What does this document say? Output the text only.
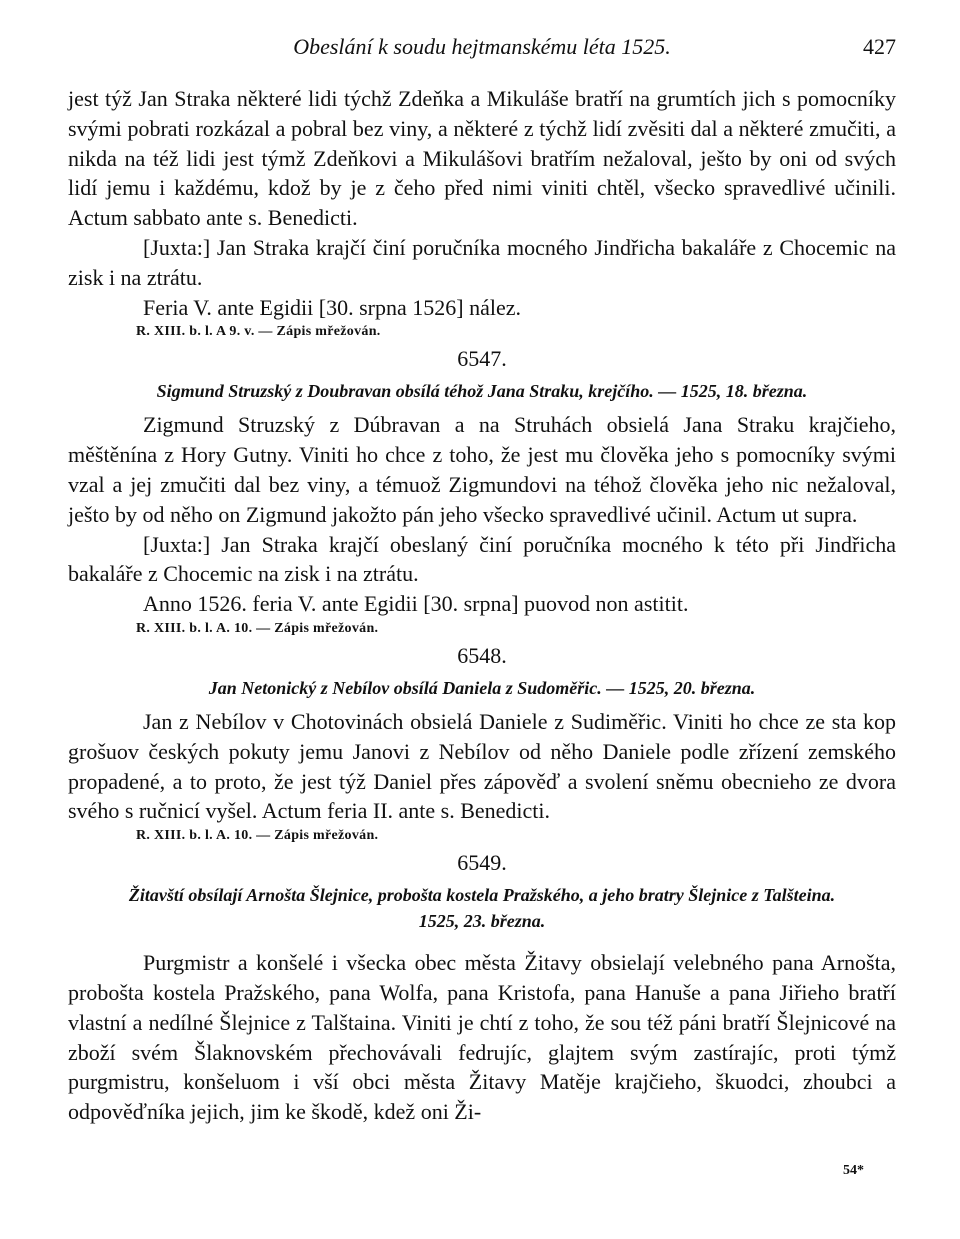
Obeslání k soudu hejtmanskému léta 1525.	427

jest týž Jan Straka některé lidi týchž Zdeňka a Mikuláše bratří na grumtích jich s pomocníky svými pobrati rozkázal a pobral bez viny, a některé z týchž lidí zvěsiti dal a některé zmučiti, a nikda na též lidi jest týmž Zdeňkovi a Mikulášovi bratřím nežaloval, ješto by oni od svých lidí jemu i každému, kdož by je z čeho před nimi viniti chtěl, všecko spravedlivé učinili. Actum sabbato ante s. Benedicti.

[Juxta:] Jan Straka krajčí činí poručníka mocného Jindřicha bakaláře z Chocemic na zisk i na ztrátu.

Feria V. ante Egidii [30. srpna 1526] nález.

R. XIII. b. l. A 9. v. — Zápis mřežován.
6547.
Sigmund Struzský z Doubravan obsílá téhož Jana Straku, krejčího. — 1525, 18. března.

Zigmund Struzský z Dúbravan a na Struhách obsielá Jana Straku krajčieho, měštěnína z Hory Gutny. Viniti ho chce z toho, že jest mu člověka jeho s pomocníky svými vzal a jej zmučiti dal bez viny, a témuož Zigmundovi na téhož člověka jeho nic nežaloval, ješto by od něho on Zigmund jakožto pán jeho všecko spravedlivé učinil. Actum ut supra.

[Juxta:] Jan Straka krajčí obeslaný činí poručníka mocného k této při Jindřicha bakaláře z Chocemic na zisk i na ztrátu.

Anno 1526. feria V. ante Egidii [30. srpna] puovod non astitit.

R. XIII. b. l. A. 10. — Zápis mřežován.
6548.
Jan Netonický z Nebílov obsílá Daniela z Sudoměřic. — 1525, 20. března.

Jan z Nebílov v Chotovinách obsielá Daniele z Sudiměřic. Viniti ho chce ze sta kop grošuov českých pokuty jemu Janovi z Nebílov od něho Daniele podle zřízení zemského propadené, a to proto, že jest týž Daniel přes zápověď a svolení sněmu obecnieho ze dvora svého s ručnicí vyšel. Actum feria II. ante s. Benedicti.

R. XIII. b. l. A. 10. — Zápis mřežován.
6549.
Žitavští obsílají Arnošta Šlejnice, probošta kostela Pražského, a jeho bratry Šlejnice z Talšteina.
1525, 23. března.

Purgmistr a konšelé i všecka obec města Žitavy obsielají velebného pana Arnošta, probošta kostela Pražského, pana Wolfa, pana Kristofa, pana Hanuše a pana Jiřieho bratří vlastní a nedílné Šlejnice z Talštaina. Viniti je chtí z toho, že sou též páni bratří Šlejnicové na zboží svém Šlaknovském přechovávali fedrujíc, glajtem svým zastírajíc, proti týmž purgmistru, konšeluom i vší obci města Žitavy Matěje krajčieho, škuodci, zhoubci a odpověďníka jejich, jim ke škodě, kdež oni Ži-

54*
